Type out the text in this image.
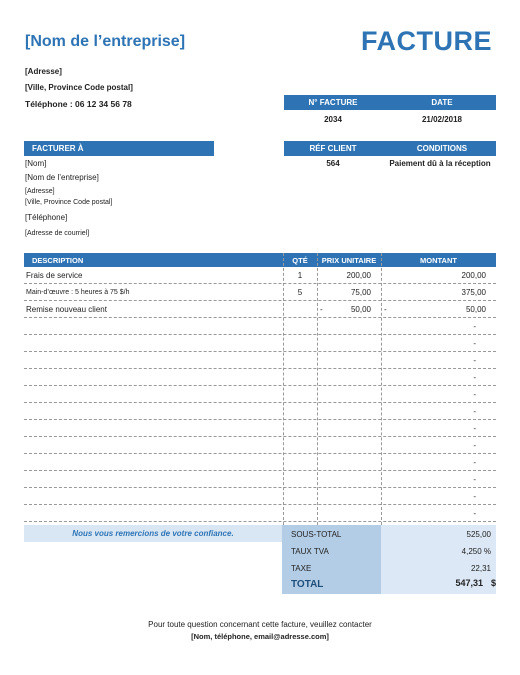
[Nom de l’entreprise]	FACTURE
[Adresse]
[Ville, Province Code postal]
Téléphone : 06 12 34 56 78	N° FACTURE	DATE
2034	21/02/2018
FACTURER À	RÉF CLIENT	CONDITIONS
564	Paiement dû à la réception
[Nom]
[Nom de l’entreprise]
[Adresse]
[Ville, Province Code postal]
[Téléphone]
[Adresse de courriel]
DESCRIPTION	QTÉ	PRIX UNITAIRE	MONTANT
Frais de service	1	200,00	200,00
Main-d’œuvre : 5 heures à 75 $/h	5	75,00	375,00
Remise nouveau client	-	50,00 -	50,00
-
-
-
-
-
-
-
-
-
-
-
-
Nous vous remercions de votre confiance.	SOUS-TOTAL	525,00
TAUX TVA	4,250 %
TAXE	22,31
TOTAL	547,31 $
Pour toute question concernant cette facture, veuillez contacter
[Nom, téléphone, email@adresse.com]
